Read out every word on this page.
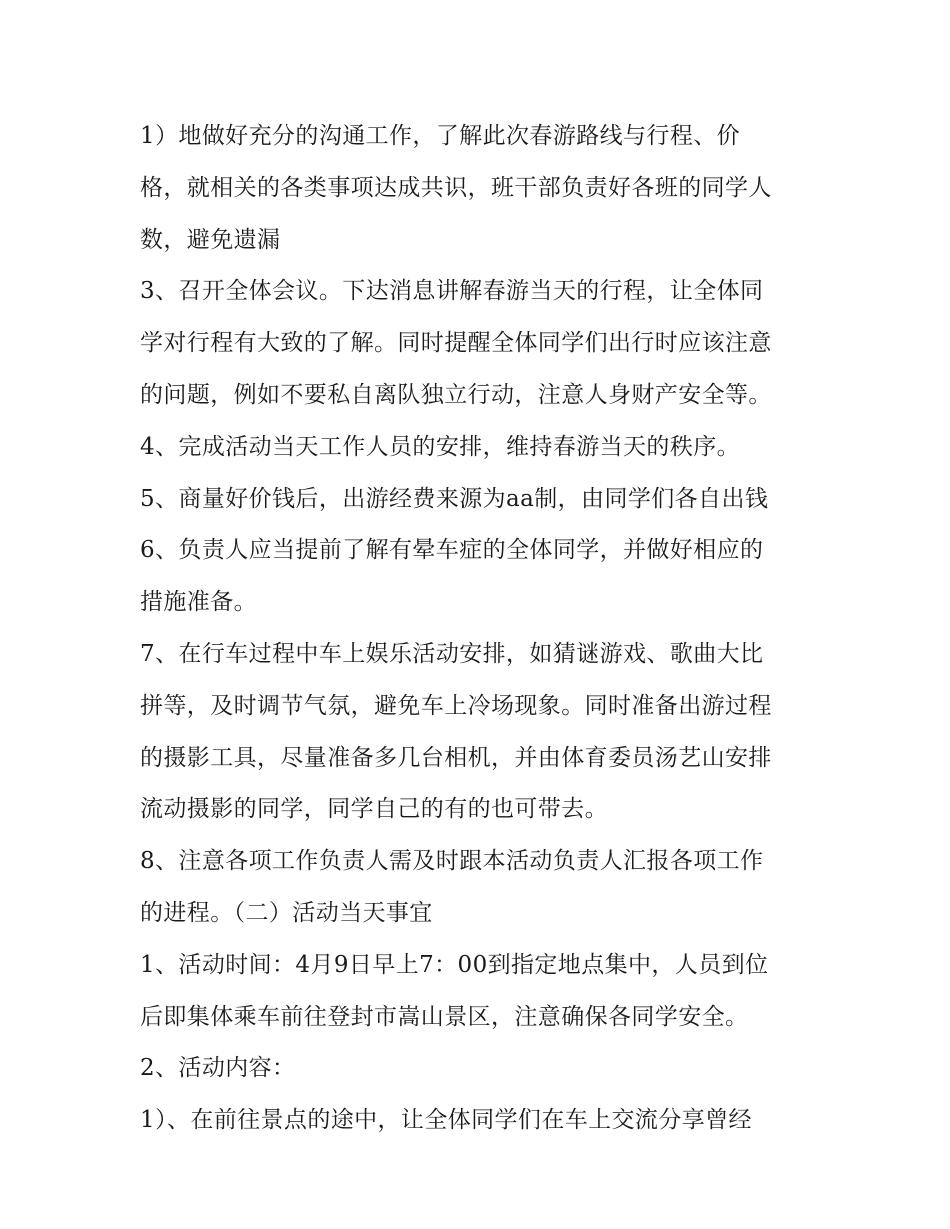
1）地做好充分的沟通工作，了解此次春游路线与行程、价
格，就相关的各类事项达成共识，班干部负责好各班的同学人
数，避免遗漏
3、召开全体会议。下达消息讲解春游当天的行程，让全体同
学对行程有大致的了解。同时提醒全体同学们出行时应该注意
的问题，例如不要私自离队独立行动，注意人身财产安全等。
4、完成活动当天工作人员的安排，维持春游当天的秩序。
5、商量好价钱后，出游经费来源为aa制，由同学们各自出钱
6、负责人应当提前了解有晕车症的全体同学，并做好相应的
措施准备。
7、在行车过程中车上娱乐活动安排，如猜谜游戏、歌曲大比
拼等，及时调节气氛，避免车上冷场现象。同时准备出游过程
的摄影工具，尽量准备多几台相机，并由体育委员汤艺山安排
流动摄影的同学，同学自己的有的也可带去。
8、注意各项工作负责人需及时跟本活动负责人汇报各项工作
的进程。（二）活动当天事宜
1、活动时间：4月9日早上7：00到指定地点集中，人员到位
后即集体乘车前往登封市嵩山景区，注意确保各同学安全。
2、活动内容：
1）、在前往景点的途中，让全体同学们在车上交流分享曾经
